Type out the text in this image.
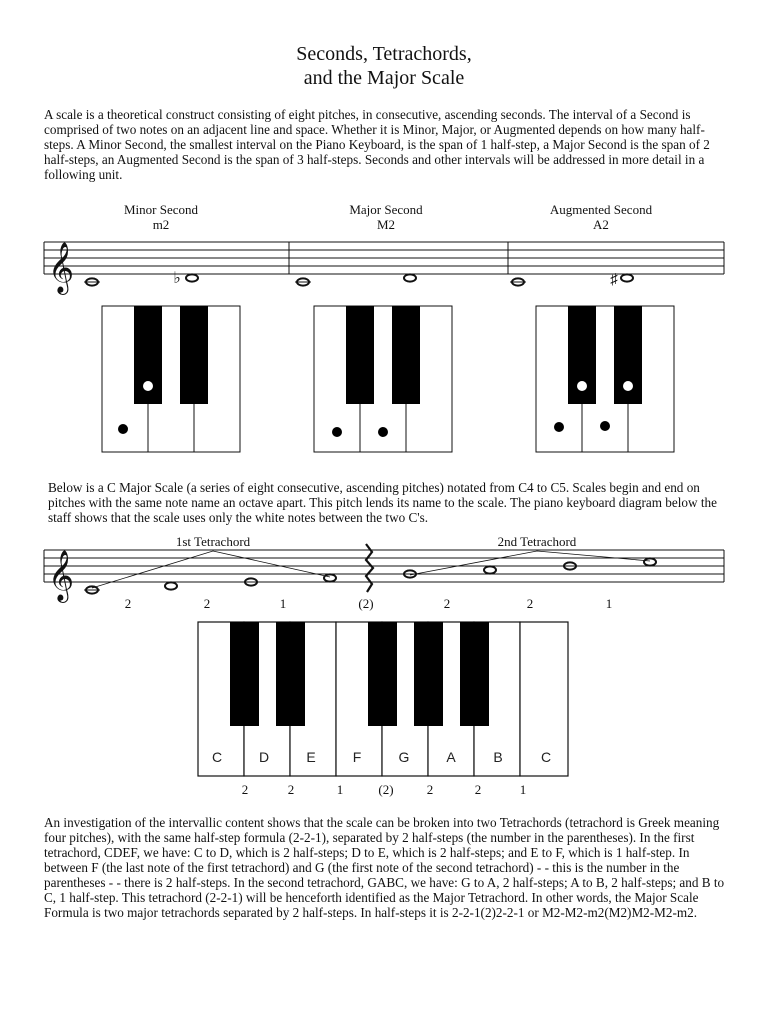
Seconds, Tetrachords,
and the Major Scale

A scale is a theoretical construct consisting of eight pitches, in consecutive, ascending seconds. The interval of a Second is comprised of two notes on an adjacent line and space. Whether it is Minor, Major, or Augmented depends on how many half-steps. A Minor Second, the smallest interval on the Piano Keyboard, is the span of 1 half-step, a Major Second is the span of 2 half-steps, an Augmented Second is the span of 3 half-steps. Seconds and other intervals will be addressed in more detail in a following unit.

Minor Second
m2
Major Second
M2
Augmented Second
A2
𝄞	♭	♯
1st Tetrachord	2nd Tetrachord
𝄞
2	2	1	(2)	2	2	1

Below is a C Major Scale (a series of eight consecutive, ascending pitches) notated from C4 to C5. Scales begin and end on pitches with the same note name an octave apart. This pitch lends its name to the scale. The piano keyboard diagram below the staff shows that the scale uses only the white notes between the two C's.

C	D	E	F	G	A	B	C
2	2	1	(2)	2	2	1

An investigation of the intervallic content shows that the scale can be broken into two Tetrachords (tetrachord is Greek meaning four pitches), with the same half-step formula (2-2-1), separated by 2 half-steps (the number in the parentheses). In the first tetrachord, CDEF, we have: C to D, which is 2 half-steps; D to E, which is 2 half-steps; and E to F, which is 1 half-step. In between F (the last note of the first tetrachord) and G (the first note of the second tetrachord) - - this is the number in the parentheses - - there is 2 half-steps. In the second tetrachord, GABC, we have: G to A, 2 half-steps; A to B, 2 half-steps; and B to C, 1 half-step. This tetrachord (2-2-1) will be henceforth identified as the Major Tetrachord. In other words, the Major Scale Formula is two major tetrachords separated by 2 half-steps. In half-steps it is 2-2-1(2)2-2-1 or M2-M2-m2(M2)M2-M2-m2.
